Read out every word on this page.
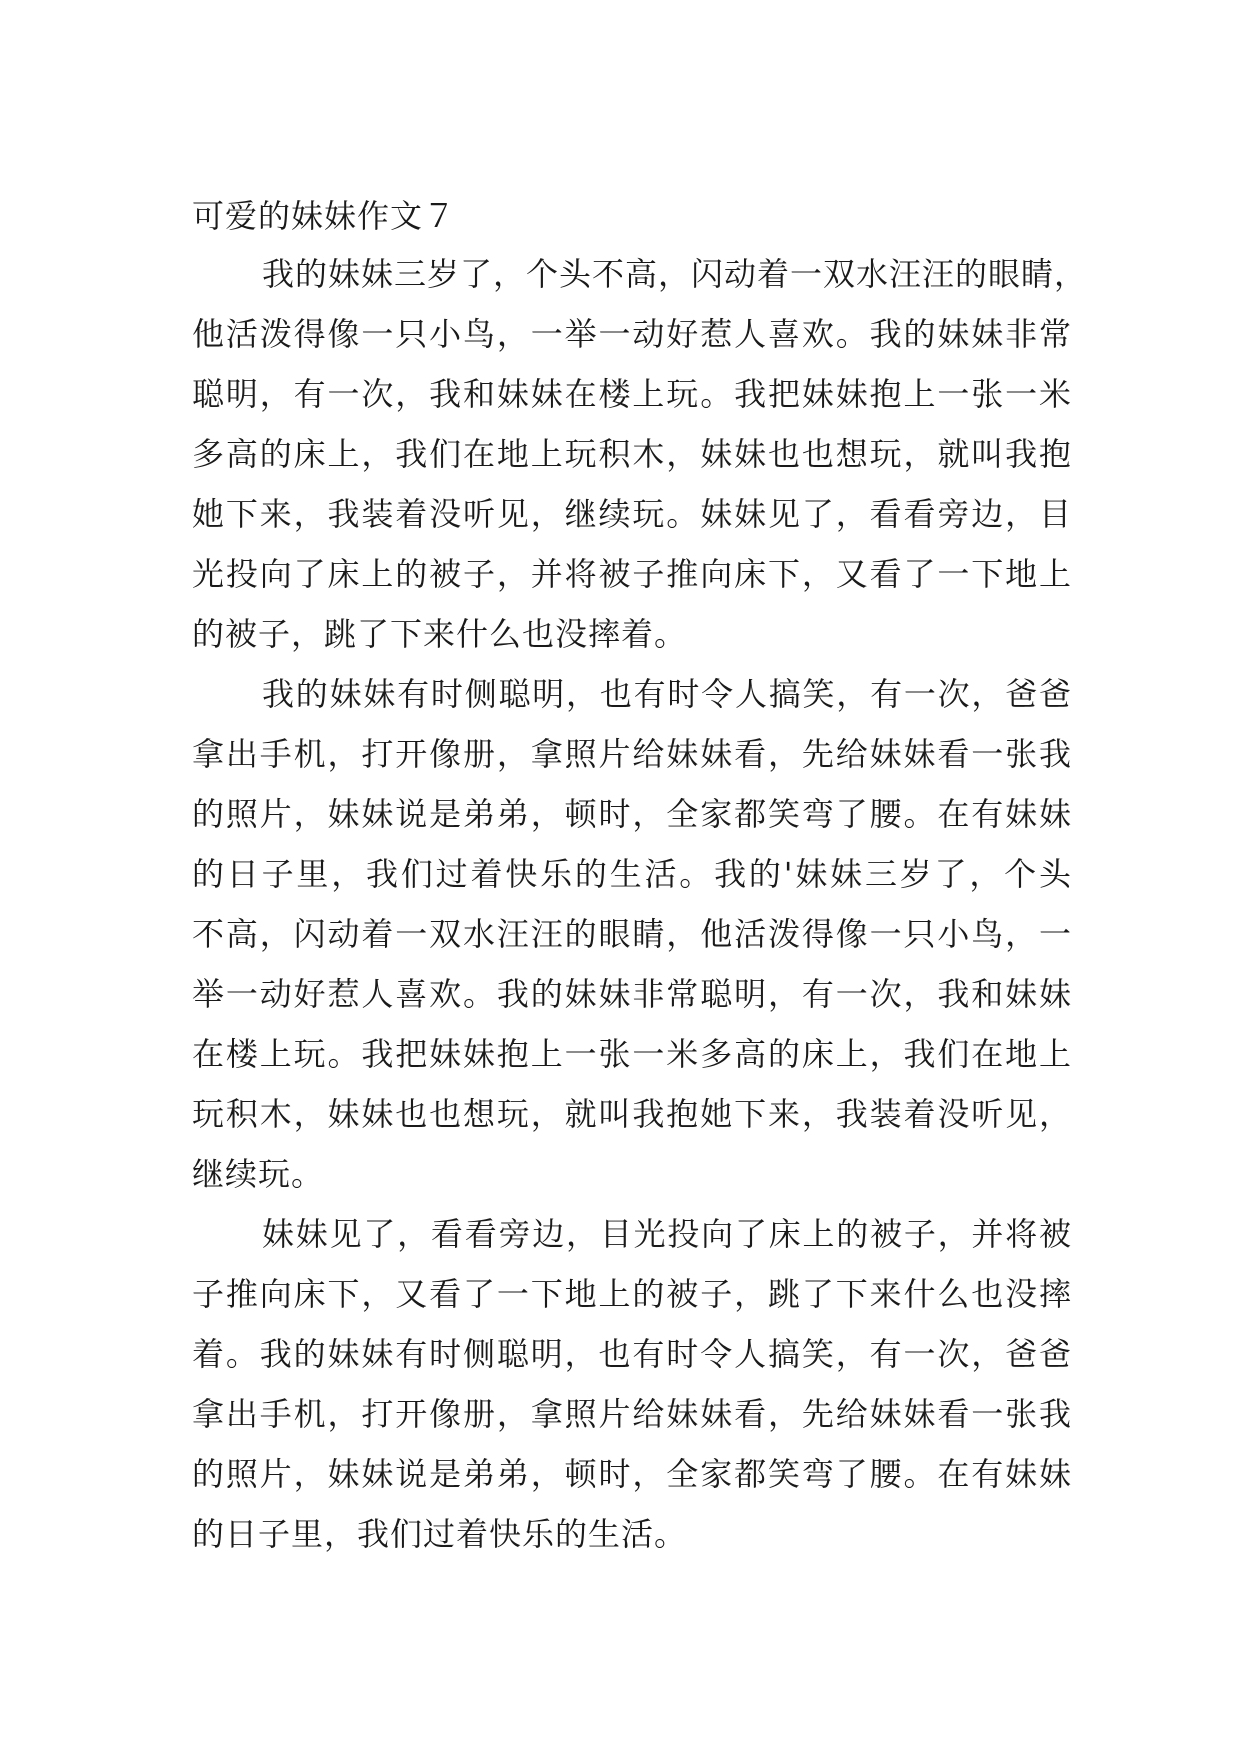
可爱的妹妹作文７

我的妹妹三岁了，个头不高，闪动着一双水汪汪的眼睛，
他活泼得像一只小鸟，一举一动好惹人喜欢。我的妹妹非常
聪明，有一次，我和妹妹在楼上玩。我把妹妹抱上一张一米
多高的床上，我们在地上玩积木，妹妹也也想玩，就叫我抱
她下来，我装着没听见，继续玩。妹妹见了，看看旁边，目
光投向了床上的被子，并将被子推向床下，又看了一下地上
的被子，跳了下来什么也没摔着。

我的妹妹有时侧聪明，也有时令人搞笑，有一次，爸爸
拿出手机，打开像册，拿照片给妹妹看，先给妹妹看一张我
的照片，妹妹说是弟弟，顿时，全家都笑弯了腰。在有妹妹
的日子里，我们过着快乐的生活。我的'妹妹三岁了，个头
不高，闪动着一双水汪汪的眼睛，他活泼得像一只小鸟，一
举一动好惹人喜欢。我的妹妹非常聪明，有一次，我和妹妹
在楼上玩。我把妹妹抱上一张一米多高的床上，我们在地上
玩积木，妹妹也也想玩，就叫我抱她下来，我装着没听见，
继续玩。

妹妹见了，看看旁边，目光投向了床上的被子，并将被
子推向床下，又看了一下地上的被子，跳了下来什么也没摔
着。我的妹妹有时侧聪明，也有时令人搞笑，有一次，爸爸
拿出手机，打开像册，拿照片给妹妹看，先给妹妹看一张我
的照片，妹妹说是弟弟，顿时，全家都笑弯了腰。在有妹妹
的日子里，我们过着快乐的生活。
